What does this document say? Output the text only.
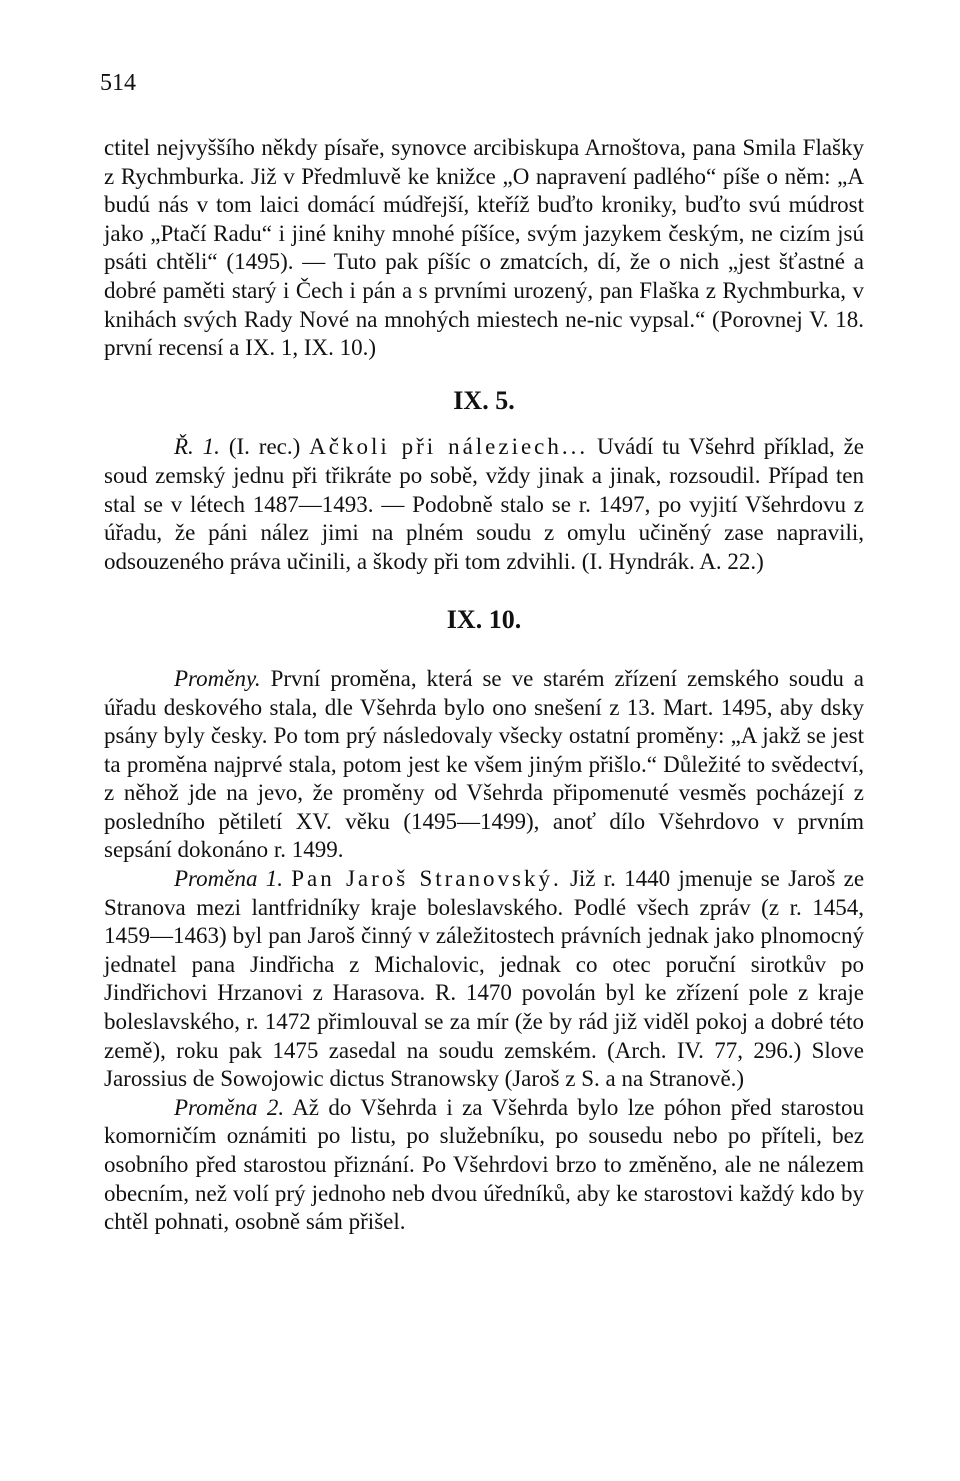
514

ctitel nejvyššího někdy písaře, synovce arcibiskupa Arnoštova, pana Smila Flašky z Rychmburka. Již v Předmluvě ke knižce „O napravení padlého“ píše o něm: „A budú nás v tom laici domácí múdřejší, kteříž buďto kroniky, buďto svú múdrost jako „Ptačí Radu“ i jiné knihy mnohé píšíce, svým jazykem českým, ne cizím jsú psáti chtěli“ (1495). — Tuto pak píšíc o zmatcích, dí, že o nich „jest šťastné a dobré paměti starý i Čech i pán a s prvními urozený, pan Flaška z Rychmburka, v knihách svých Rady Nové na mnohých miestech ne-nic vypsal.“ (Porovnej V. 18. první recensí a IX. 1, IX. 10.)

IX. 5.

Ř. 1. (I. rec.) Ačkoli při náleziech... Uvádí tu Všehrd příklad, že soud zemský jednu při třikráte po sobě, vždy jinak a jinak, rozsoudil. Případ ten stal se v létech 1487—1493. — Podobně stalo se r. 1497, po vyjití Všehrdovu z úřadu, že páni nález jimi na plném soudu z omylu učiněný zase napravili, odsouzeného práva učinili, a škody při tom zdvihli. (I. Hyndrák. A. 22.)

IX. 10.

Proměny. První proměna, která se ve starém zřízení zemského soudu a úřadu deskového stala, dle Všehrda bylo ono snešení z 13. Mart. 1495, aby dsky psány byly česky. Po tom prý následovaly všecky ostatní proměny: „A jakž se jest ta proměna najprvé stala, potom jest ke všem jiným přišlo.“ Důležité to svědectví, z něhož jde na jevo, že proměny od Všehrda připomenuté vesměs pocházejí z posledního pětiletí XV. věku (1495—1499), anoť dílo Všehrdovo v prvním sepsání dokonáno r. 1499.

Proměna 1. Pan Jaroš Stranovský. Již r. 1440 jmenuje se Jaroš ze Stranova mezi lantfridníky kraje boleslavského. Podlé všech zpráv (z r. 1454, 1459—1463) byl pan Jaroš činný v záležitostech právních jednak jako plnomocný jednatel pana Jindřicha z Michalovic, jednak co otec poruční sirotkův po Jindřichovi Hrzanovi z Harasova. R. 1470 povolán byl ke zřízení pole z kraje boleslavského, r. 1472 přimlouval se za mír (že by rád již viděl pokoj a dobré této země), roku pak 1475 zasedal na soudu zemském. (Arch. IV. 77, 296.) Slove Jarossius de Sowojowic dictus Stranowsky (Jaroš z S. a na Stranově.)

Proměna 2. Až do Všehrda i za Všehrda bylo lze póhon před starostou komorničím oznámiti po listu, po služebníku, po sousedu nebo po příteli, bez osobního před starostou přiznání. Po Všehrdovi brzo to změněno, ale ne nálezem obecním, než volí prý jednoho neb dvou úředníků, aby ke starostovi každý kdo by chtěl pohnati, osobně sám přišel.
